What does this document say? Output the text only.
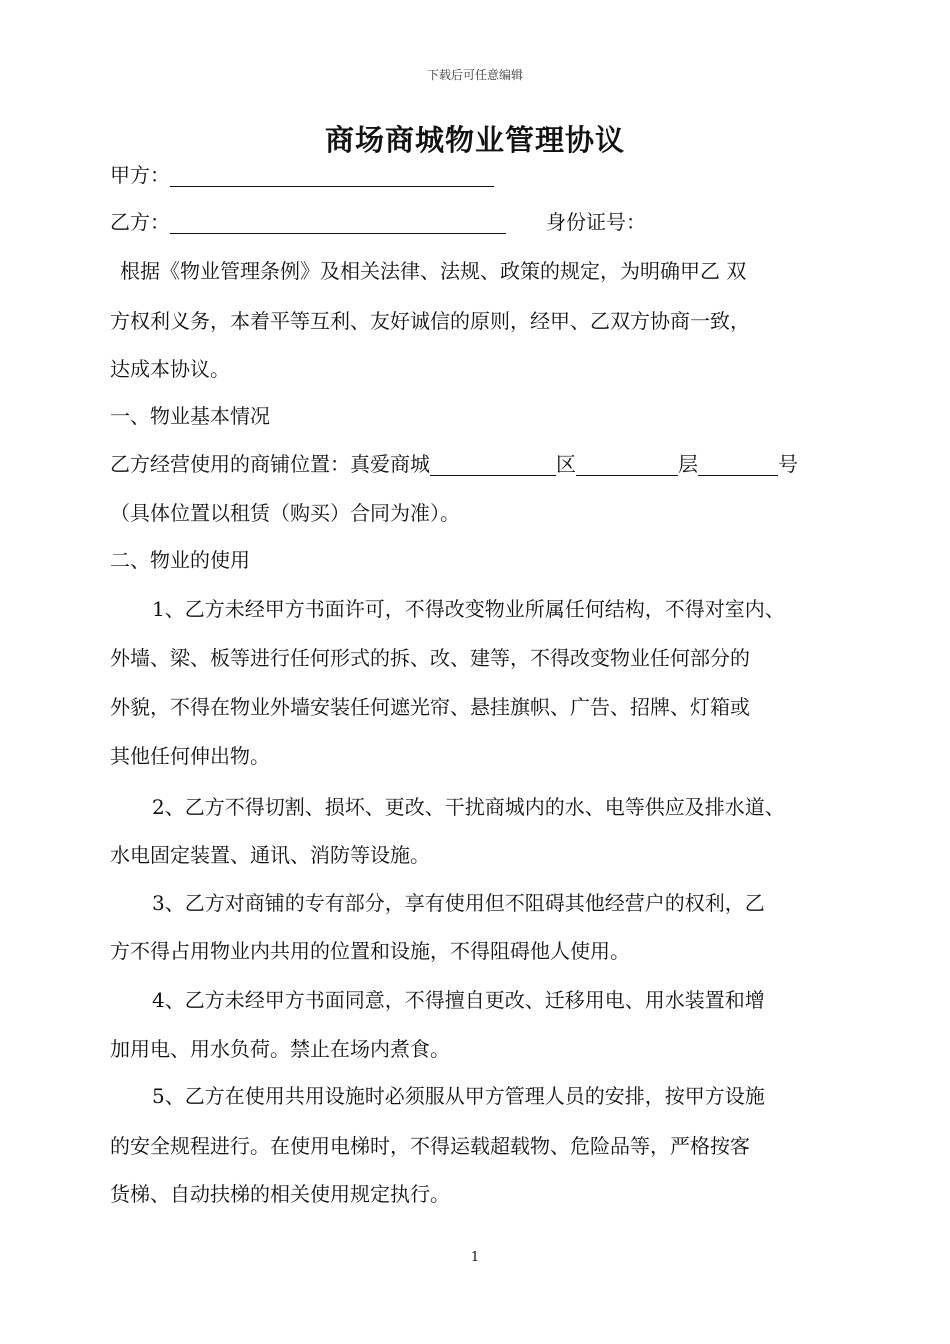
下载后可任意编辑
商场商城物业管理协议
甲方：
乙方：	身份证号：
根据《物业管理条例》及相关法律、法规、政策的规定，为明确甲乙 双
方权利义务，本着平等互利、友好诚信的原则，经甲、乙双方协商一致，
达成本协议。
一、物业基本情况
乙方经营使用的商铺位置：真爱商城	区	层	号
（具体位置以租赁（购买）合同为准）。
二、物业的使用
1、乙方未经甲方书面许可，不得改变物业所属任何结构，不得对室内、
外墙、梁、板等进行任何形式的拆、改、建等，不得改变物业任何部分的
外貌，不得在物业外墙安装任何遮光帘、悬挂旗帜、广告、招牌、灯箱或
其他任何伸出物。
2、乙方不得切割、损坏、更改、干扰商城内的水、电等供应及排水道、
水电固定装置、通讯、消防等设施。
3、乙方对商铺的专有部分，享有使用但不阻碍其他经营户的权利，乙
方不得占用物业内共用的位置和设施，不得阻碍他人使用。
4、乙方未经甲方书面同意，不得擅自更改、迁移用电、用水装置和增
加用电、用水负荷。禁止在场内煮食。
5、乙方在使用共用设施时必须服从甲方管理人员的安排，按甲方设施
的安全规程进行。在使用电梯时，不得运载超载物、危险品等，严格按客
货梯、自动扶梯的相关使用规定执行。
1
